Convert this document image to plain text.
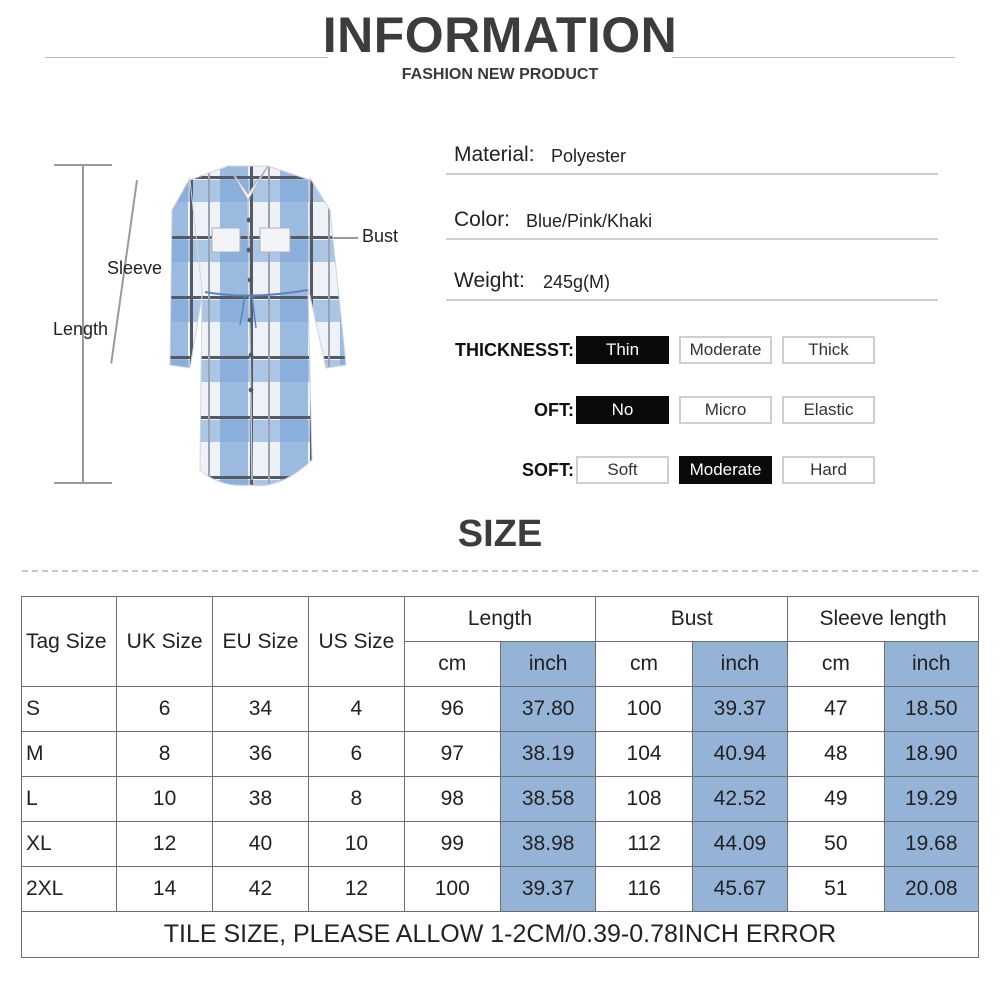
INFORMATION
FASHION NEW PRODUCT
Sleeve
Length
Bust
Material: Polyester
Color: Blue/Pink/Khaki
Weight: 245g(M)
THICKNESST:	Thin	Moderate	Thick
OFT:	No	Micro	Elastic
SOFT:	Soft	Moderate	Hard
SIZE
Tag Size	UK Size	EU Size	US Size	Length		Bust		Sleeve length	
				cm	inch	cm	inch	cm	inch
S	6	34	4	96	37.80	100	39.37	47	18.50
M	8	36	6	97	38.19	104	40.94	48	18.90
L	10	38	8	98	38.58	108	42.52	49	19.29
XL	12	40	10	99	38.98	112	44.09	50	19.68
2XL	14	42	12	100	39.37	116	45.67	51	20.08
TILE SIZE, PLEASE ALLOW 1-2CM/0.39-0.78INCH ERROR									
